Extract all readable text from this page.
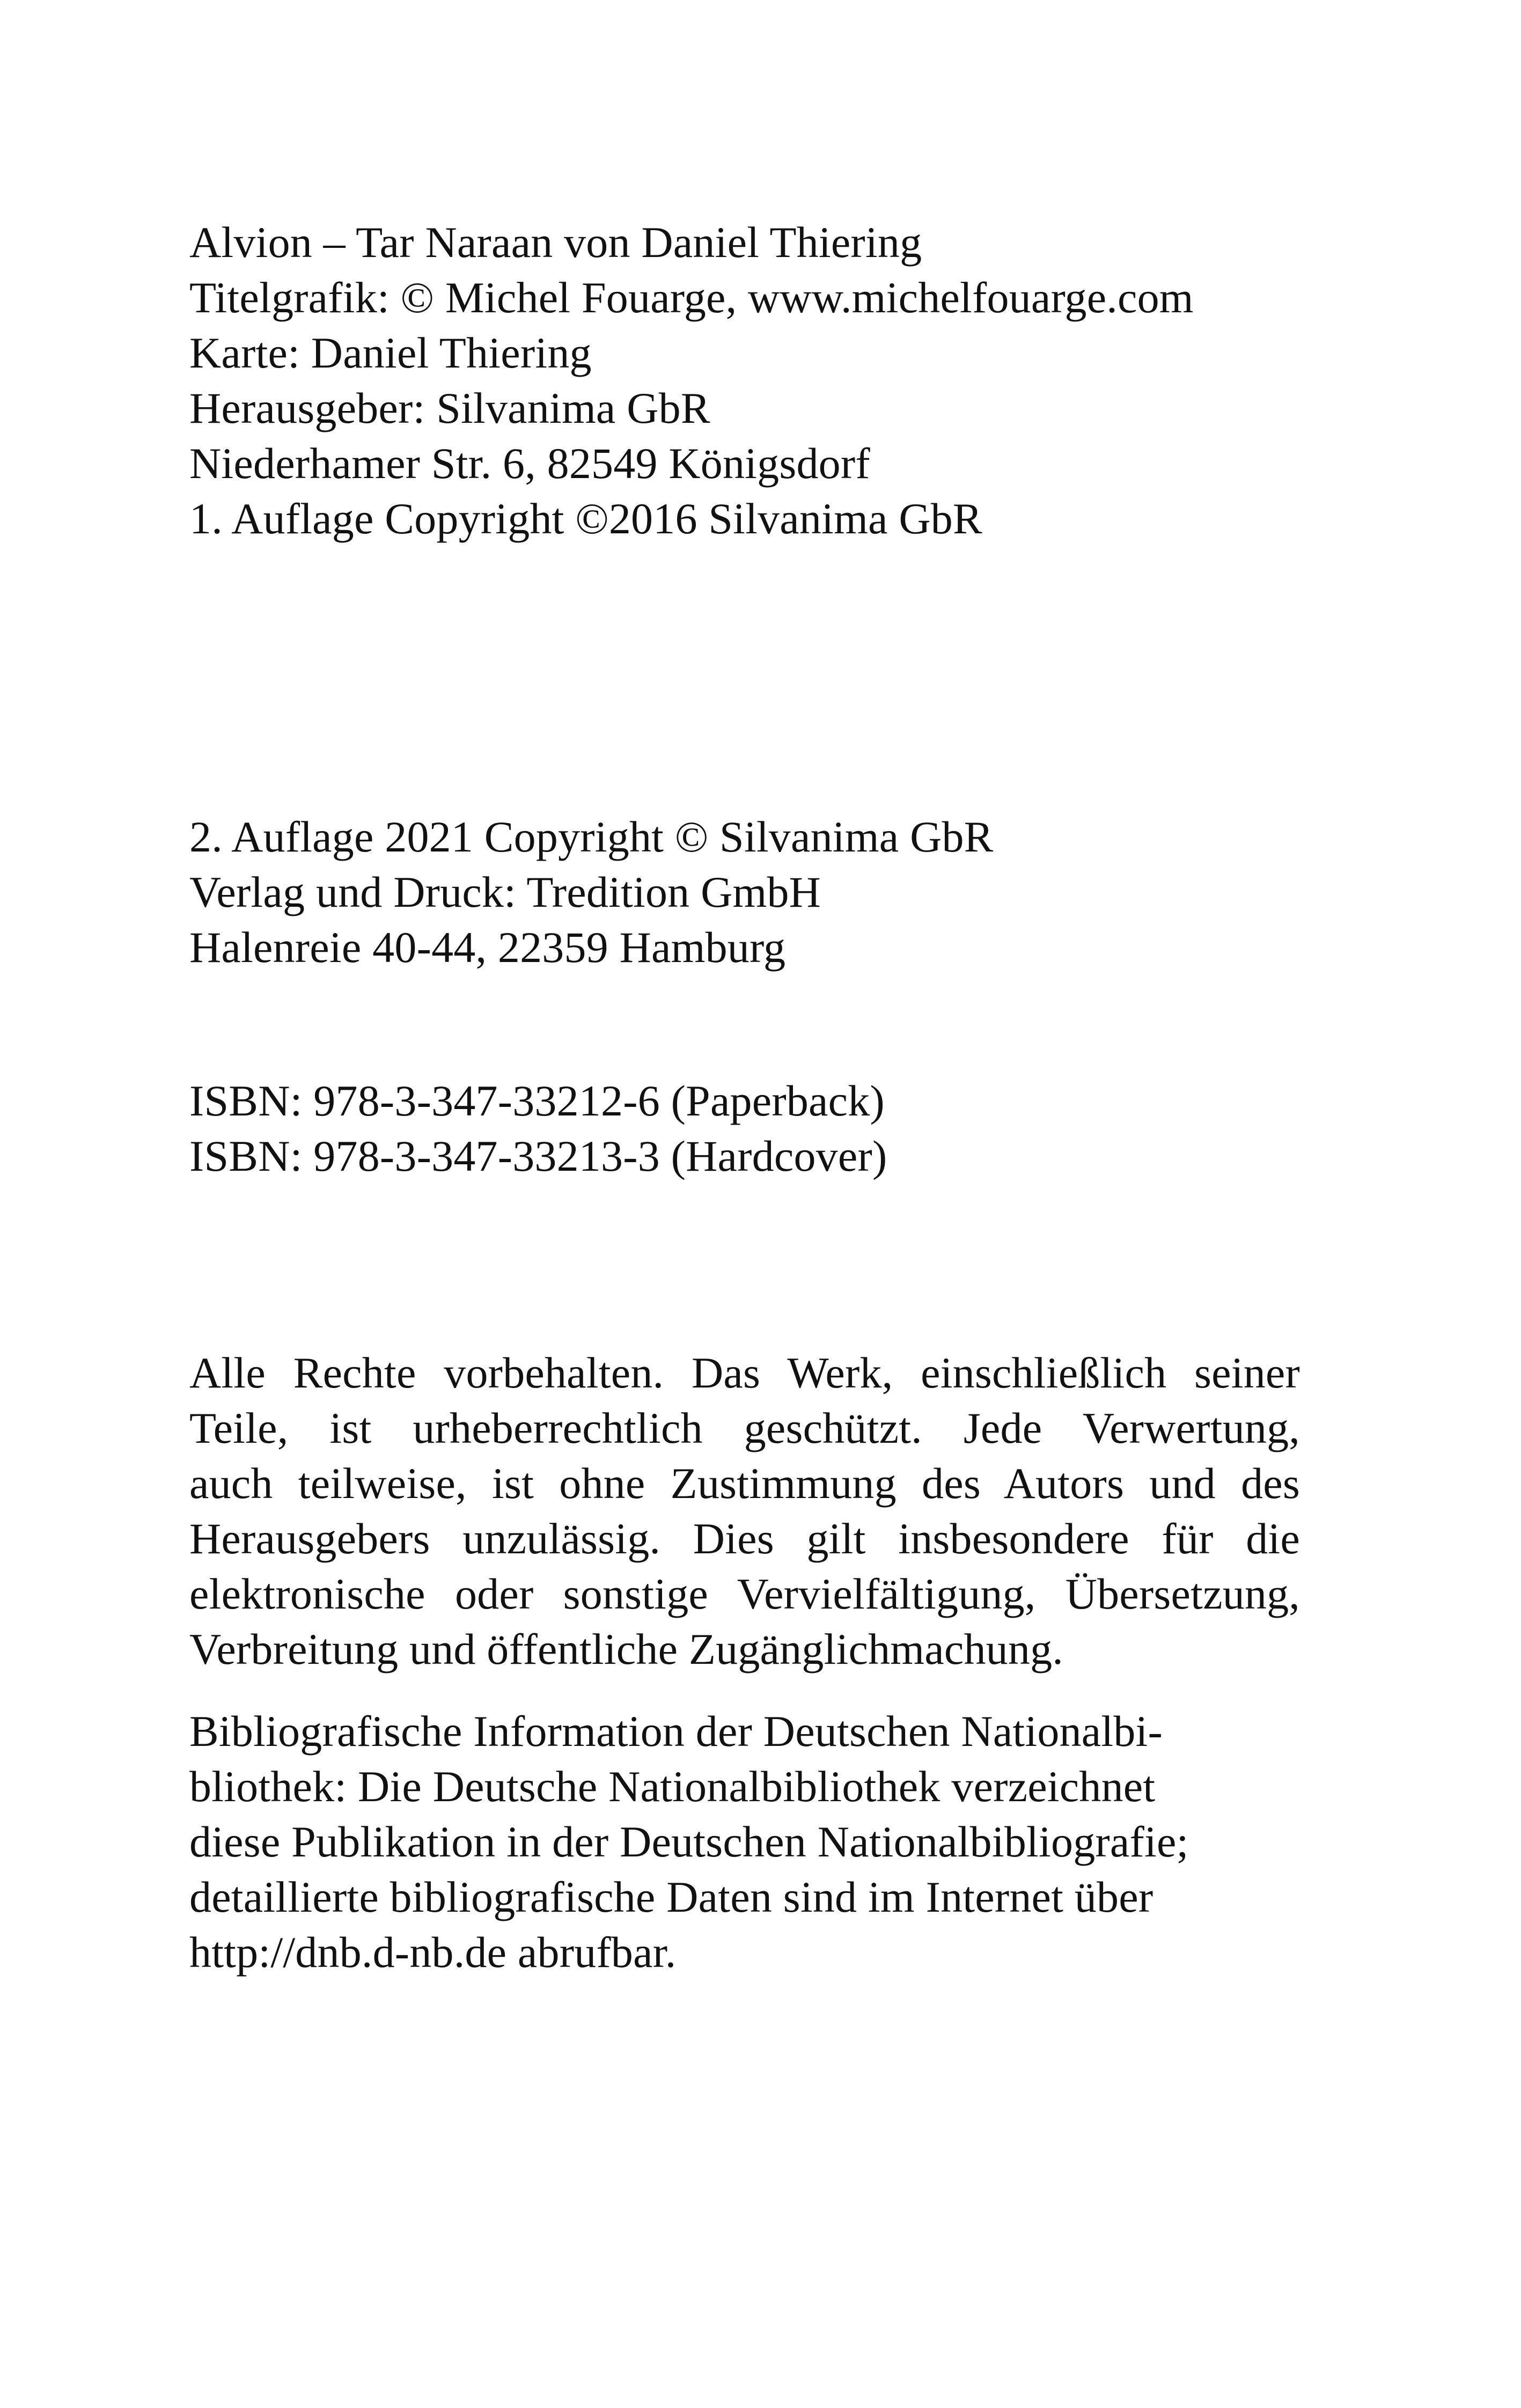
Alvion – Tar Naraan von Daniel Thiering
Titelgrafik: © Michel Fouarge, www.michelfouarge.com
Karte: Daniel Thiering
Herausgeber: Silvanima GbR
Niederhamer Str. 6, 82549 Königsdorf
1. Auflage Copyright ©2016 Silvanima GbR
2. Auflage 2021 Copyright © Silvanima GbR
Verlag und Druck: Tredition GmbH
Halenreie 40-44, 22359 Hamburg
ISBN: 978-3-347-33212-6 (Paperback)
ISBN: 978-3-347-33213-3 (Hardcover)
Alle Rechte vorbehalten. Das Werk, einschließlich seiner
Teile, ist urheberrechtlich geschützt. Jede Verwertung,
auch teilweise, ist ohne Zustimmung des Autors und des
Herausgebers unzulässig. Dies gilt insbesondere für die
elektronische oder sonstige Vervielfältigung, Übersetzung,
Verbreitung und öffentliche Zugänglichmachung.
Bibliografische Information der Deutschen Nationalbi-
bliothek: Die Deutsche Nationalbibliothek verzeichnet
diese Publikation in der Deutschen Nationalbibliografie;
detaillierte bibliografische Daten sind im Internet über
http://dnb.d-nb.de abrufbar.
